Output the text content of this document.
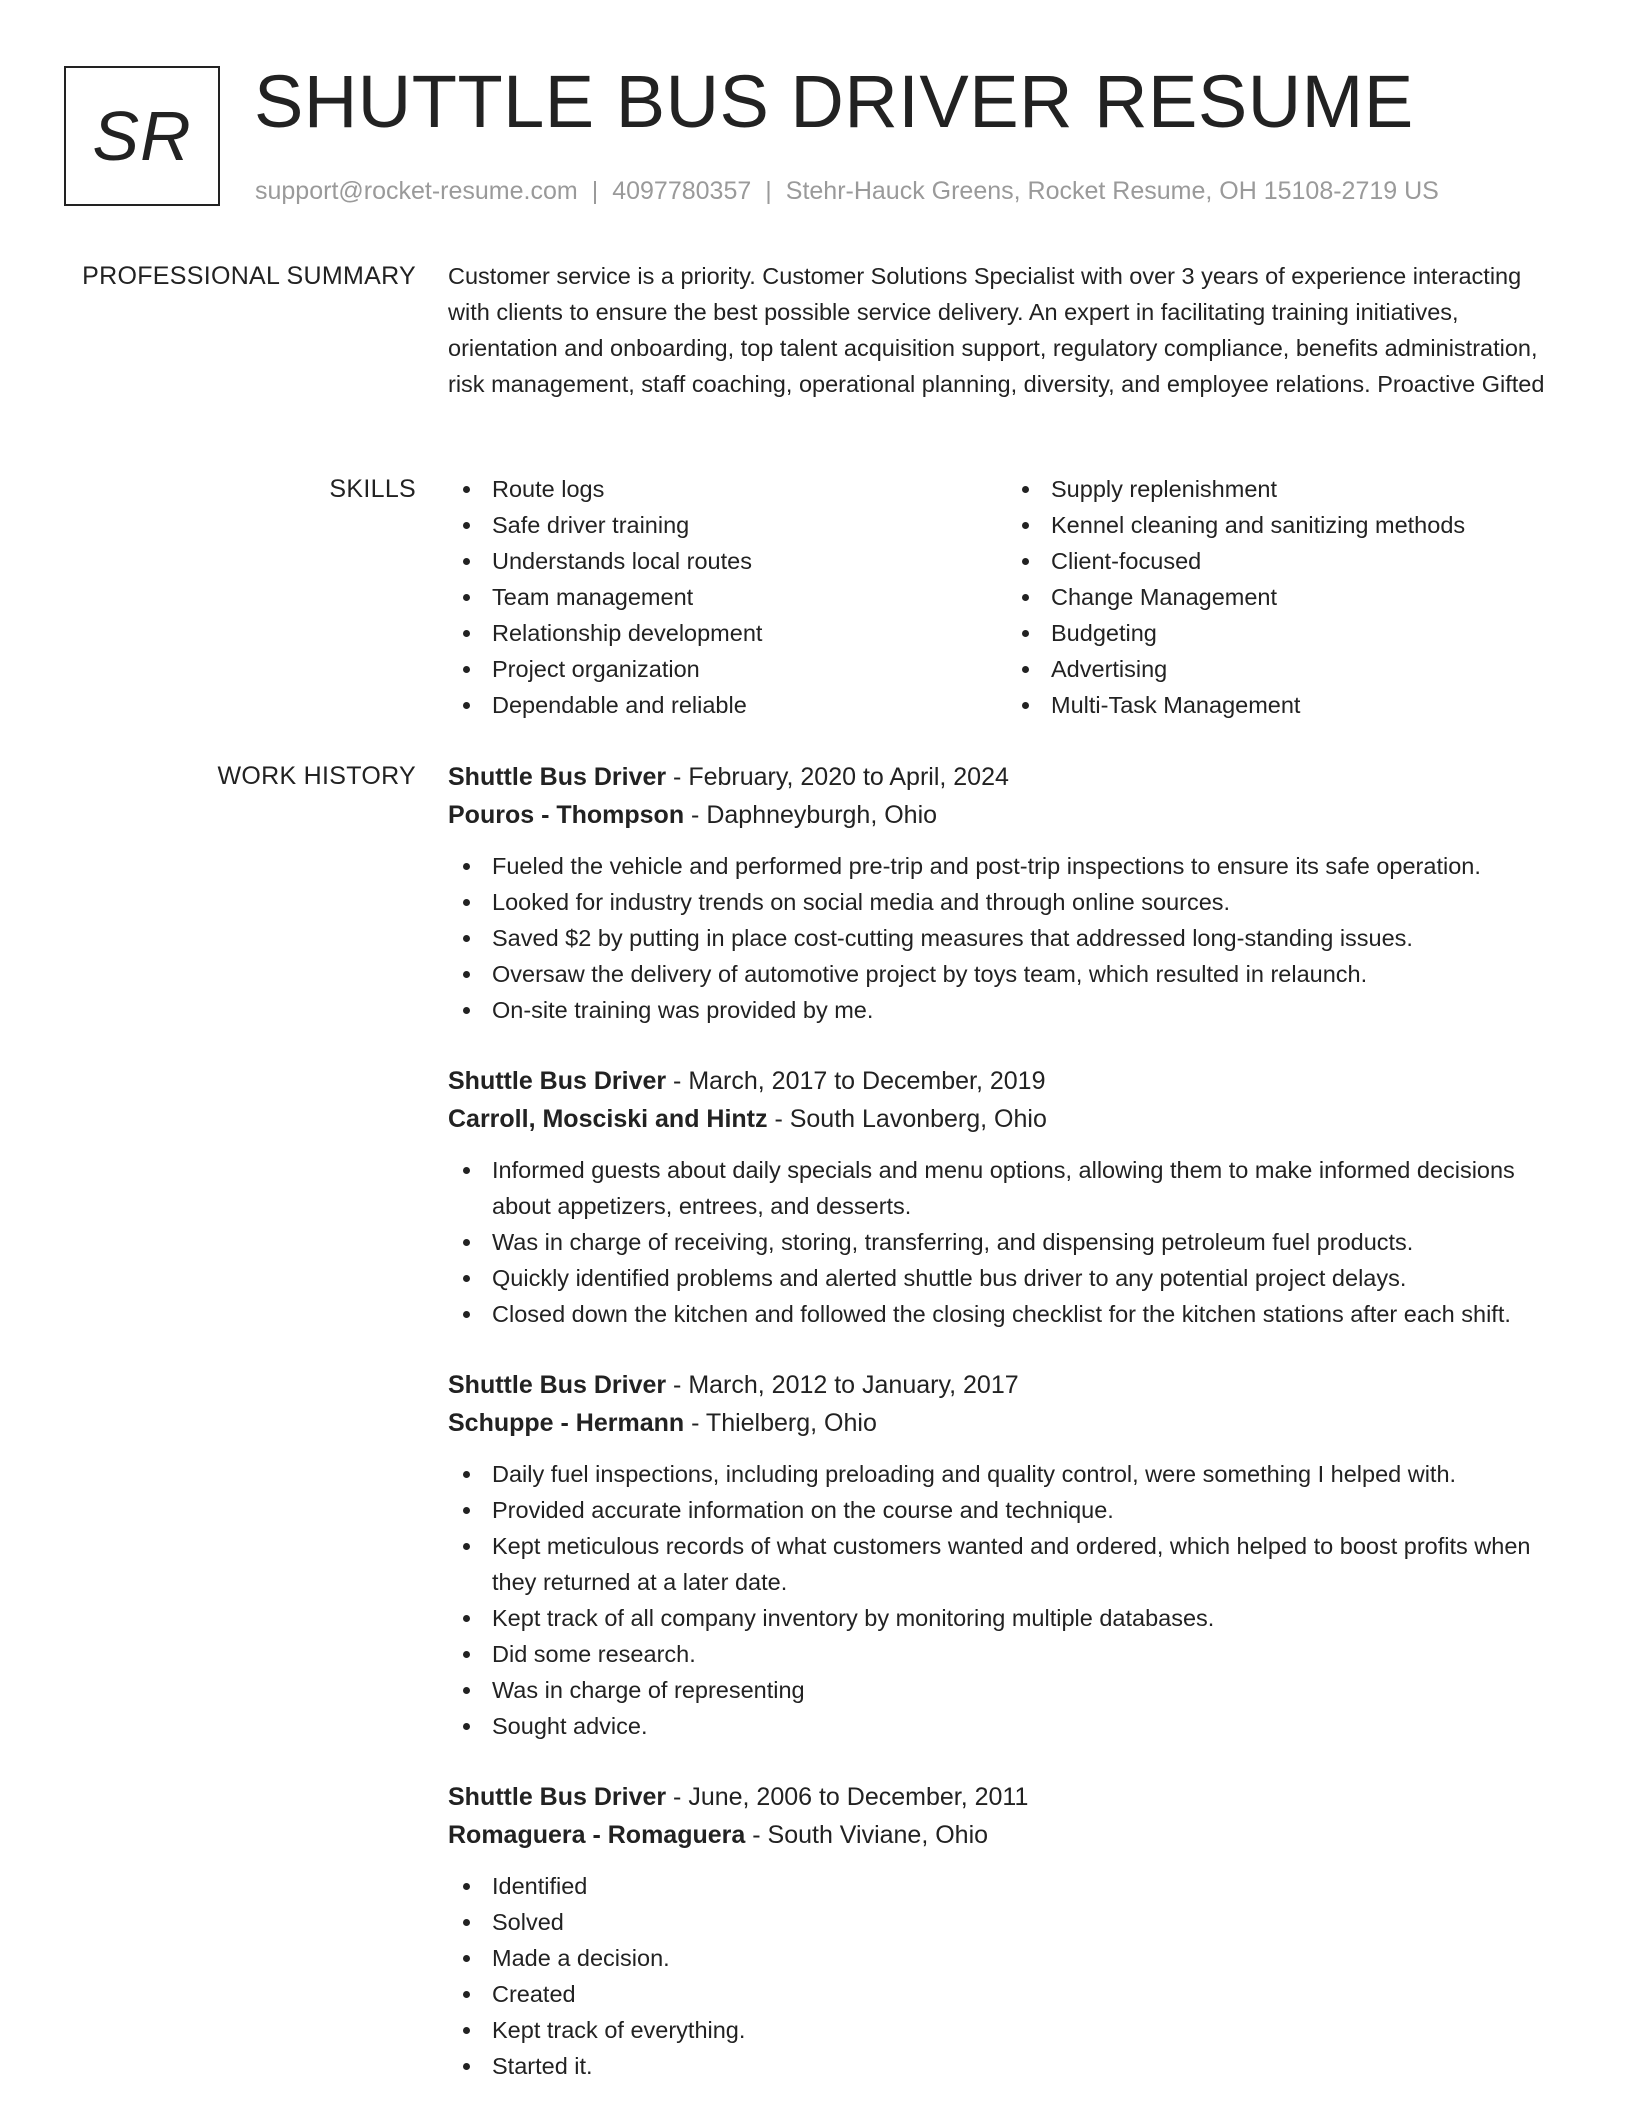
SR SHUTTLE BUS DRIVER RESUME
support@rocket-resume.com | 4097780357 | Stehr-Hauck Greens, Rocket Resume, OH 15108-2719 US
PROFESSIONAL SUMMARY Customer service is a priority. Customer Solutions Specialist with over 3 years of experience interacting with clients to ensure the best possible service delivery. An expert in facilitating training initiatives, orientation and onboarding, top talent acquisition support, regulatory compliance, benefits administration, risk management, staff coaching, operational planning, diversity, and employee relations. Proactive Gifted

SKILLS	Route logs
Safe driver training
Understands local routes
Team management
Relationship development
Project organization
Dependable and reliable
Supply replenishment
Kennel cleaning and sanitizing methods
Client-focused
Change Management
Budgeting
Advertising
Multi-Task Management
WORK HISTORY Shuttle Bus Driver - February, 2020 to April, 2024
Pouros - Thompson - Daphneyburgh, Ohio
Fueled the vehicle and performed pre-trip and post-trip inspections to ensure its safe operation.
Looked for industry trends on social media and through online sources.
Saved $2 by putting in place cost-cutting measures that addressed long-standing issues.
Oversaw the delivery of automotive project by toys team, which resulted in relaunch.
On-site training was provided by me.
Shuttle Bus Driver - March, 2017 to December, 2019
Carroll, Mosciski and Hintz - South Lavonberg, Ohio
Informed guests about daily specials and menu options, allowing them to make informed decisions about appetizers, entrees, and desserts.
Was in charge of receiving, storing, transferring, and dispensing petroleum fuel products.
Quickly identified problems and alerted shuttle bus driver to any potential project delays.
Closed down the kitchen and followed the closing checklist for the kitchen stations after each shift.
Shuttle Bus Driver - March, 2012 to January, 2017
Schuppe - Hermann - Thielberg, Ohio
Daily fuel inspections, including preloading and quality control, were something I helped with.
Provided accurate information on the course and technique.
Kept meticulous records of what customers wanted and ordered, which helped to boost profits when they returned at a later date.
Kept track of all company inventory by monitoring multiple databases.
Did some research.
Was in charge of representing
Sought advice.
Shuttle Bus Driver - June, 2006 to December, 2011
Romaguera - Romaguera - South Viviane, Ohio
Identified
Solved
Made a decision.
Created
Kept track of everything.
Started it.
